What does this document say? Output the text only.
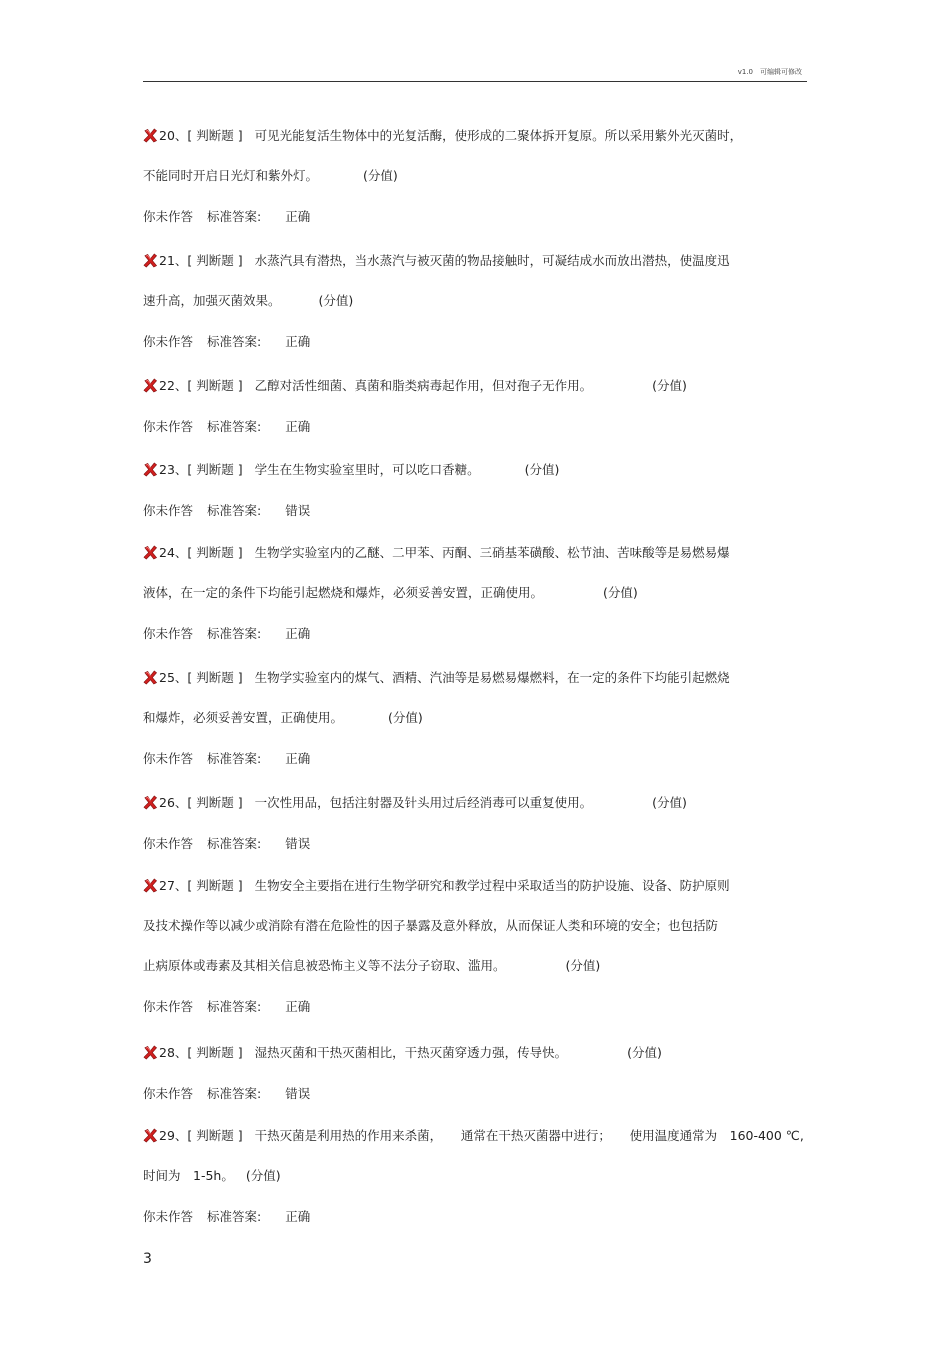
v1.0　可编辑可修改
20、[ 判断题 ] 可见光能复活生物体中的光复活酶，使形成的二聚体拆开复原。所以采用紫外光灭菌时，
不能同时开启日光灯和紫外灯。	(分值)
你未作答 标准答案: 正确
21、[ 判断题 ] 水蒸汽具有潜热，当水蒸汽与被灭菌的物品接触时，可凝结成水而放出潜热，使温度迅
速升高，加强灭菌效果。	(分值)
你未作答 标准答案: 正确
22、[ 判断题 ] 乙醇对活性细菌、真菌和脂类病毒起作用，但对孢子无作用。	(分值)
你未作答 标准答案: 正确
23、[ 判断题 ] 学生在生物实验室里时，可以吃口香糖。	(分值)
你未作答 标准答案: 错误
24、[ 判断题 ] 生物学实验室内的乙醚、二甲苯、丙酮、三硝基苯磺酸、松节油、苦味酸等是易燃易爆
液体，在一定的条件下均能引起燃烧和爆炸，必须妥善安置，正确使用。	(分值)
你未作答 标准答案: 正确
25、[ 判断题 ] 生物学实验室内的煤气、酒精、汽油等是易燃易爆燃料，在一定的条件下均能引起燃烧
和爆炸，必须妥善安置，正确使用。	(分值)
你未作答 标准答案: 正确
26、[ 判断题 ] 一次性用品，包括注射器及针头用过后经消毒可以重复使用。	(分值)
你未作答 标准答案: 错误
27、[ 判断题 ] 生物安全主要指在进行生物学研究和教学过程中采取适当的防护设施、设备、防护原则
及技术操作等以减少或消除有潜在危险性的因子暴露及意外释放，从而保证人类和环境的安全；也包括防
止病原体或毒素及其相关信息被恐怖主义等不法分子窃取、滥用。	(分值)
你未作答 标准答案: 正确
28、[ 判断题 ] 湿热灭菌和干热灭菌相比，干热灭菌穿透力强，传导快。	(分值)
你未作答 标准答案: 错误
29、[ 判断题 ] 干热灭菌是利用热的作用来杀菌，　　通常在干热灭菌器中进行；　　使用温度通常为　160-400 ℃,
时间为　1-5h。 (分值)
你未作答 标准答案: 正确
3
